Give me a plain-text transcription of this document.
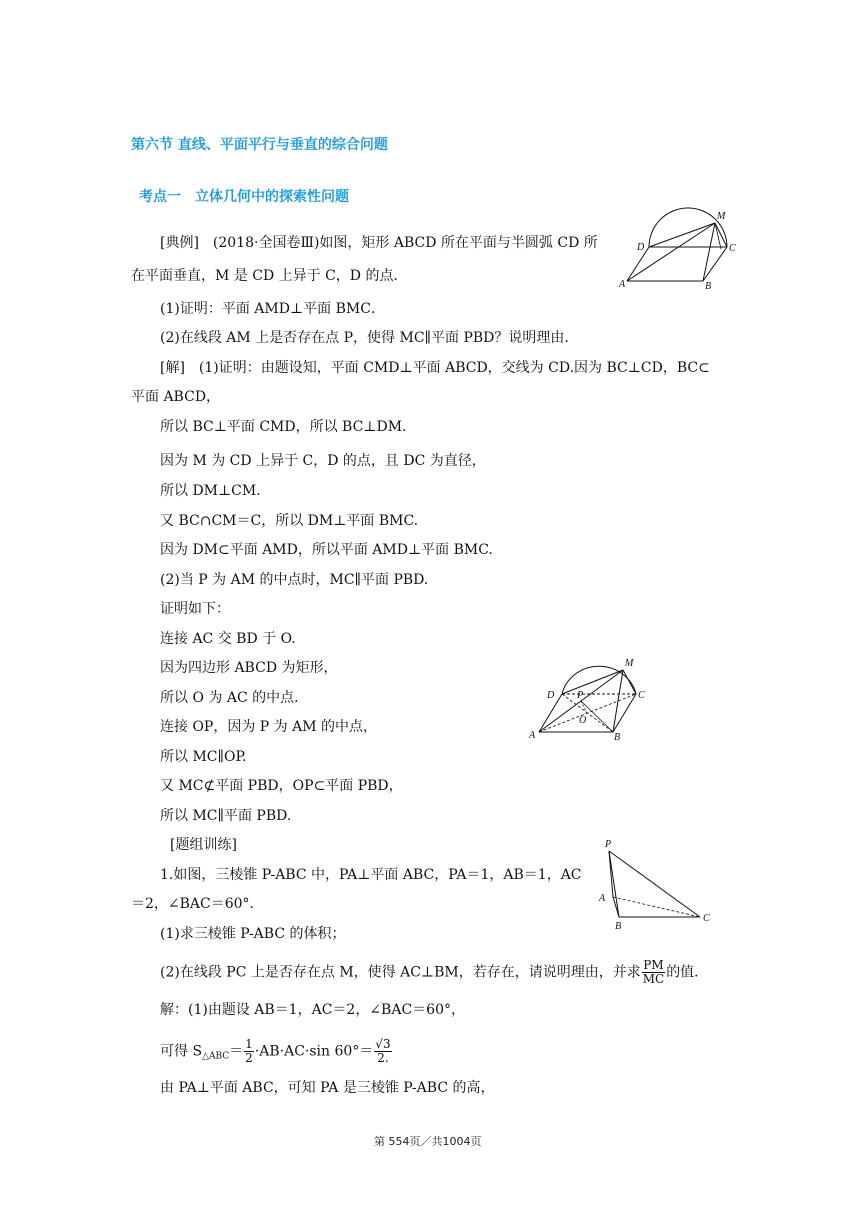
第六节 直线、平面平行与垂直的综合问题
考点一　立体几何中的探索性问题
[典例]　(2018·全国卷Ⅲ)如图，矩形 ABCD 所在平面与半圆弧 CD 所
在平面垂直，M 是 CD 上异于 C，D 的点．
(1)证明：平面 AMD⊥平面 BMC．
(2)在线段 AM 上是否存在点 P，使得 MC∥平面 PBD？说明理由．
[解]　(1)证明：由题设知，平面 CMD⊥平面 ABCD，交线为 CD.因为 BC⊥CD，BC⊂
平面 ABCD，
所以 BC⊥平面 CMD，所以 BC⊥DM.
因为 M 为 CD 上异于 C，D 的点，且 DC 为直径，
所以 DM⊥CM.
又 BC∩CM＝C，所以 DM⊥平面 BMC.
因为 DM⊂平面 AMD，所以平面 AMD⊥平面 BMC.
(2)当 P 为 AM 的中点时，MC∥平面 PBD.
证明如下：
连接 AC 交 BD 于 O.
因为四边形 ABCD 为矩形，
所以 O 为 AC 的中点．
连接 OP，因为 P 为 AM 的中点，
所以 MC∥OP.
又 MC⊄平面 PBD，OP⊂平面 PBD，
所以 MC∥平面 PBD.
[题组训练]
1.如图，三棱锥 P-ABC 中，PA⊥平面 ABC，PA＝1，AB＝1，AC
＝2，∠BAC＝60°.
(1)求三棱锥 P-ABC 的体积；
(2)在线段 PC 上是否存在点 M，使得 AC⊥BM，若存在，请说明理由，并求 $\frac{PM}{MC}$ 的值．
解：(1)由题设 AB＝1，AC＝2，∠BAC＝60°，
可得 $S_{\triangle ABC}= \frac{1}{2} \cdot AB\cdot AC\cdot\sin$ $60^\circ= \frac{√3}{2.}$
由 PA⊥平面 ABC，可知 PA 是三棱锥 P-ABC 的高，
M
D	C
A	B
M
D P	C
O
A	B
P
A
B
C
第 554页／共1004页
